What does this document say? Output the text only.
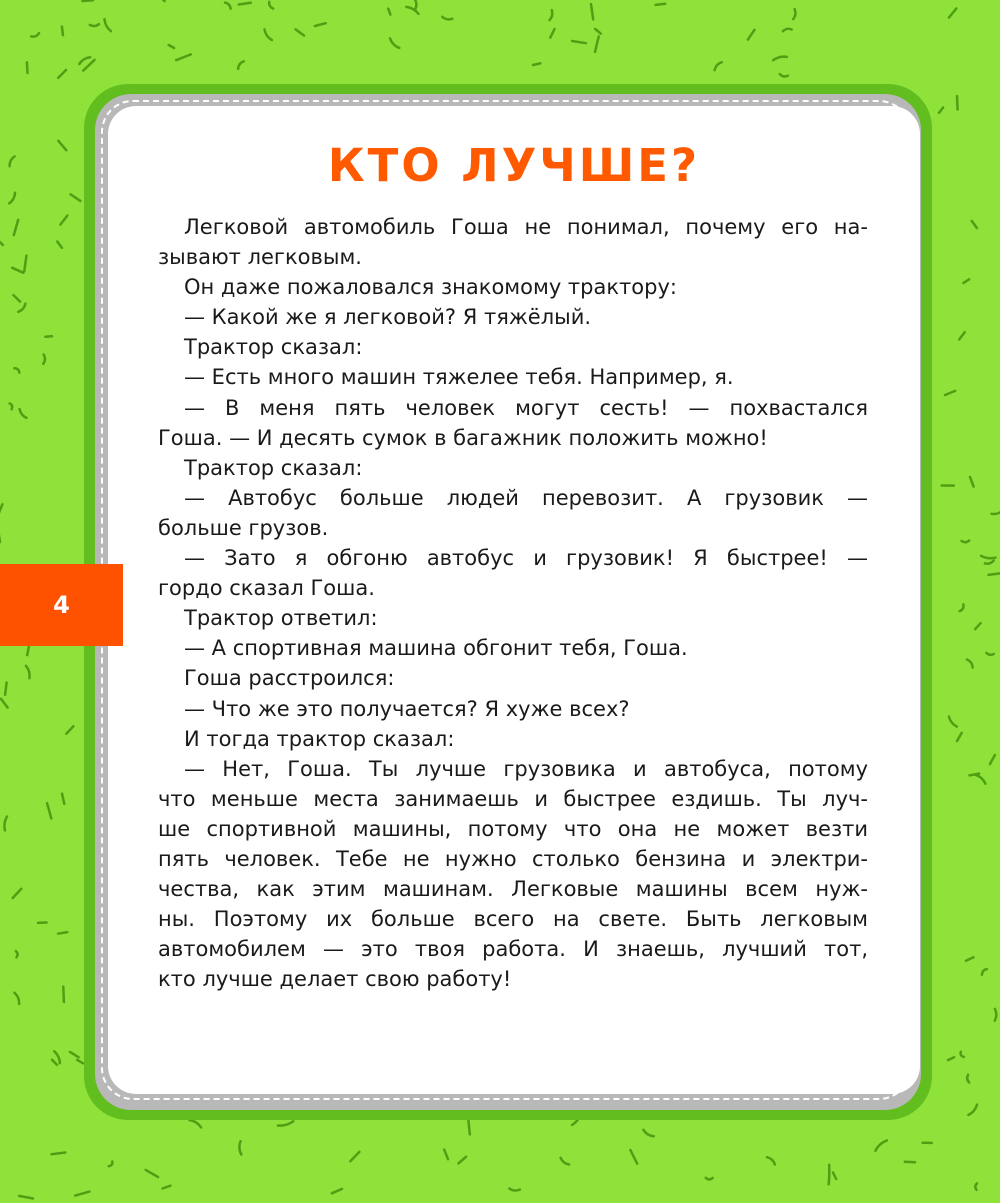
КТО ЛУЧШЕ?
Легковой автомобиль Гоша не понимал, почему его на-
зывают легковым.
Он даже пожаловался знакомому трактору:
— Какой же я легковой? Я тяжёлый.
Трактор сказал:
— Есть много машин тяжелее тебя. Например, я.
— В меня пять человек могут сесть! — похвастался
Гоша. — И десять сумок в багажник положить можно!
Трактор сказал:
— Автобус больше людей перевозит. А грузовик —
больше грузов.
— Зато я обгоню автобус и грузовик! Я быстрее! —
гордо сказал Гоша.
Трактор ответил:
— А спортивная машина обгонит тебя, Гоша.
Гоша расстроился:
— Что же это получается? Я хуже всех?
И тогда трактор сказал:
— Нет, Гоша. Ты лучше грузовика и автобуса, потому
что меньше места занимаешь и быстрее ездишь. Ты луч-
ше спортивной машины, потому что она не может везти
пять человек. Тебе не нужно столько бензина и электри-
чества, как этим машинам. Легковые машины всем нуж-
ны. Поэтому их больше всего на свете. Быть легковым
автомобилем — это твоя работа. И знаешь, лучший тот,
кто лучше делает свою работу!
4
